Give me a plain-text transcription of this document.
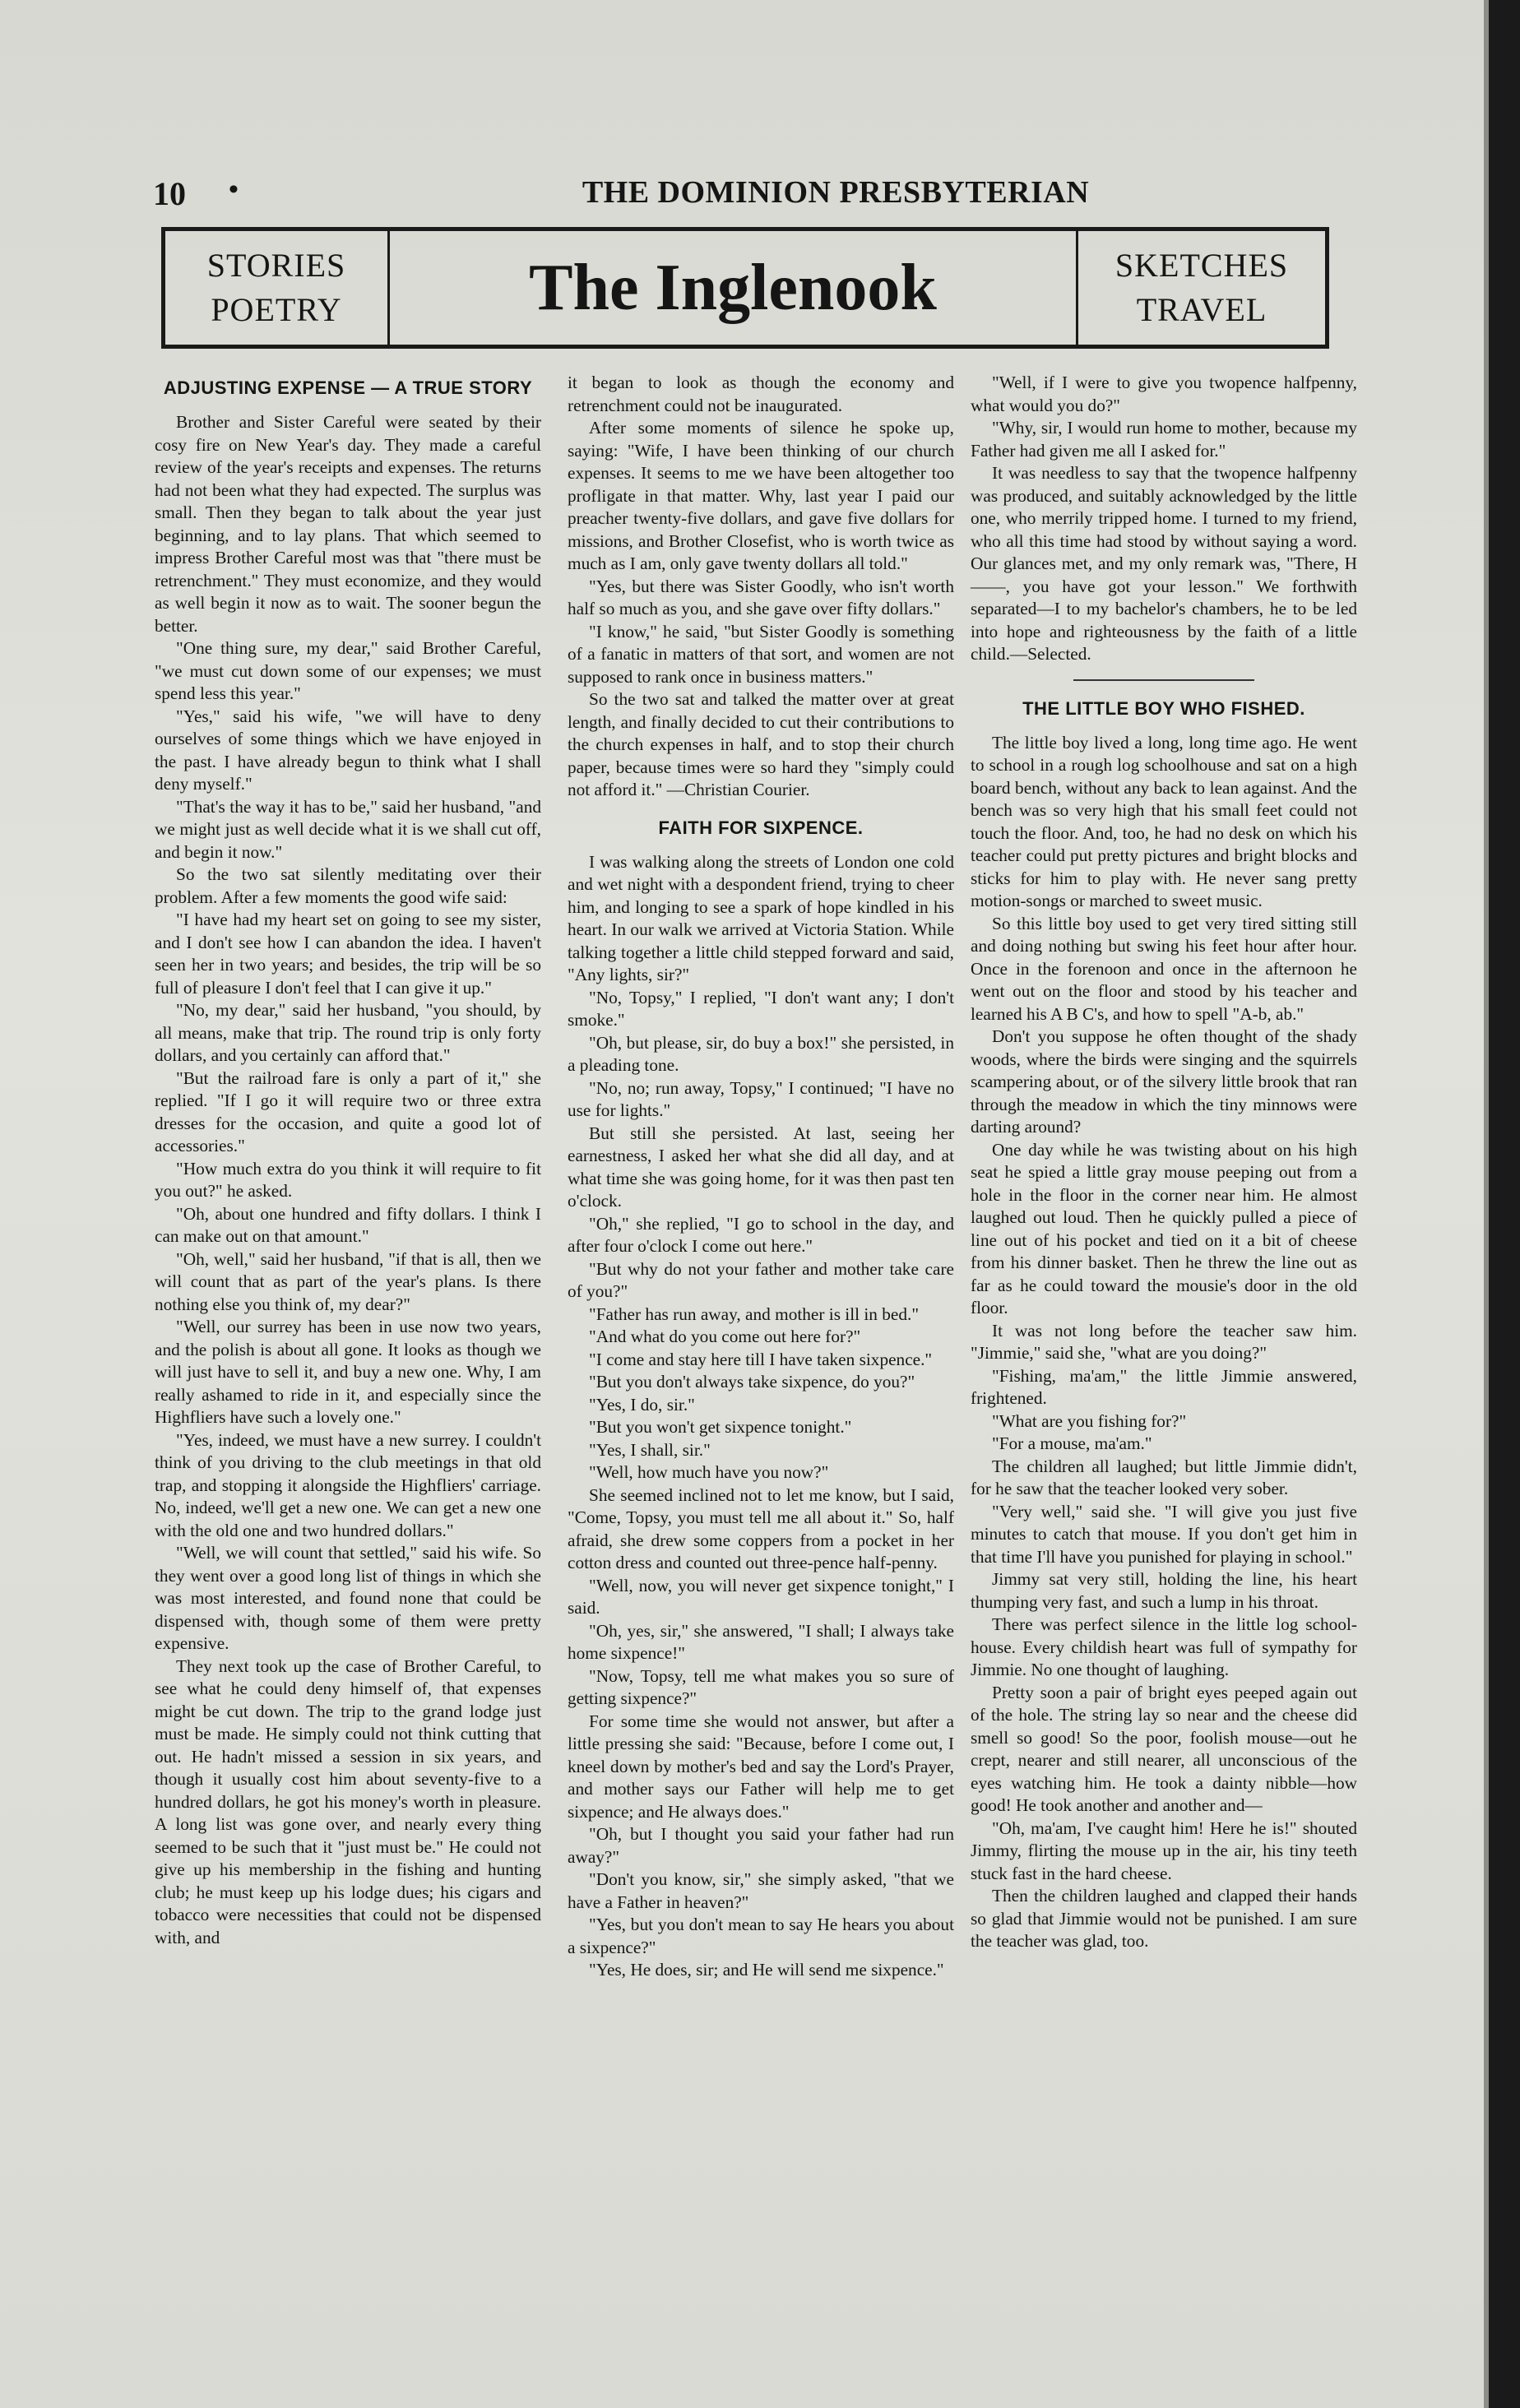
10 •	THE DOMINION PRESBYTERIAN
STORIES
POETRY	The Inglenook	SKETCHES
TRAVEL
ADJUSTING EXPENSE — A TRUE STORY

Brother and Sister Careful were seated by their cosy fire on New Year's day. They made a careful review of the year's receipts and expenses. The returns had not been what they had expected. The surplus was small. Then they began to talk about the year just beginning, and to lay plans. That which seemed to impress Brother Careful most was that "there must be retrenchment." They must economize, and they would as well begin it now as to wait. The sooner begun the better.

"One thing sure, my dear," said Brother Careful, "we must cut down some of our expenses; we must spend less this year."

"Yes," said his wife, "we will have to deny ourselves of some things which we have enjoyed in the past. I have already begun to think what I shall deny myself."

"That's the way it has to be," said her husband, "and we might just as well decide what it is we shall cut off, and begin it now."

So the two sat silently meditating over their problem. After a few moments the good wife said:

"I have had my heart set on going to see my sister, and I don't see how I can abandon the idea. I haven't seen her in two years; and besides, the trip will be so full of pleasure I don't feel that I can give it up."

"No, my dear," said her husband, "you should, by all means, make that trip. The round trip is only forty dollars, and you certainly can afford that."

"But the railroad fare is only a part of it," she replied. "If I go it will require two or three extra dresses for the occasion, and quite a good lot of accessories."

"How much extra do you think it will require to fit you out?" he asked.

"Oh, about one hundred and fifty dollars. I think I can make out on that amount."

"Oh, well," said her husband, "if that is all, then we will count that as part of the year's plans. Is there nothing else you think of, my dear?"

"Well, our surrey has been in use now two years, and the polish is about all gone. It looks as though we will just have to sell it, and buy a new one. Why, I am really ashamed to ride in it, and especially since the Highfliers have such a lovely one."

"Yes, indeed, we must have a new surrey. I couldn't think of you driving to the club meetings in that old trap, and stopping it alongside the Highfliers' carriage. No, indeed, we'll get a new one. We can get a new one with the old one and two hundred dollars."

"Well, we will count that settled," said his wife. So they went over a good long list of things in which she was most interested, and found none that could be dispensed with, though some of them were pretty expensive.

They next took up the case of Brother Careful, to see what he could deny himself of, that expenses might be cut down. The trip to the grand lodge just must be made. He simply could not think cutting that out. He hadn't missed a session in six years, and though it usually cost him about seventy-five to a hundred dollars, he got his money's worth in pleasure. A long list was gone over, and nearly every thing seemed to be such that it "just must be." He could not give up his membership in the fishing and hunting club; he must keep up his lodge dues; his cigars and tobacco were necessities that could not be dispensed with, and

it began to look as though the economy and retrenchment could not be inaugurated.

After some moments of silence he spoke up, saying: "Wife, I have been thinking of our church expenses. It seems to me we have been altogether too profligate in that matter. Why, last year I paid our preacher twenty-five dollars, and gave five dollars for missions, and Brother Closefist, who is worth twice as much as I am, only gave twenty dollars all told."

"Yes, but there was Sister Goodly, who isn't worth half so much as you, and she gave over fifty dollars."

"I know," he said, "but Sister Goodly is something of a fanatic in matters of that sort, and women are not supposed to rank once in business matters."

So the two sat and talked the matter over at great length, and finally decided to cut their contributions to the church expenses in half, and to stop their church paper, because times were so hard they "simply could not afford it." —Christian Courier.

FAITH FOR SIXPENCE.

I was walking along the streets of London one cold and wet night with a despondent friend, trying to cheer him, and longing to see a spark of hope kindled in his heart. In our walk we arrived at Victoria Station. While talking together a little child stepped forward and said, "Any lights, sir?"

"No, Topsy," I replied, "I don't want any; I don't smoke."

"Oh, but please, sir, do buy a box!" she persisted, in a pleading tone.

"No, no; run away, Topsy," I continued; "I have no use for lights."

But still she persisted. At last, seeing her earnestness, I asked her what she did all day, and at what time she was going home, for it was then past ten o'clock.

"Oh," she replied, "I go to school in the day, and after four o'clock I come out here."

"But why do not your father and mother take care of you?"

"Father has run away, and mother is ill in bed."

"And what do you come out here for?"

"I come and stay here till I have taken sixpence."

"But you don't always take sixpence, do you?"

"Yes, I do, sir."

"But you won't get sixpence tonight."

"Yes, I shall, sir."

"Well, how much have you now?"

She seemed inclined not to let me know, but I said, "Come, Topsy, you must tell me all about it." So, half afraid, she drew some coppers from a pocket in her cotton dress and counted out three-pence half-penny.

"Well, now, you will never get sixpence tonight," I said.

"Oh, yes, sir," she answered, "I shall; I always take home sixpence!"

"Now, Topsy, tell me what makes you so sure of getting sixpence?"

For some time she would not answer, but after a little pressing she said: "Because, before I come out, I kneel down by mother's bed and say the Lord's Prayer, and mother says our Father will help me to get sixpence; and He always does."

"Oh, but I thought you said your father had run away?"

"Don't you know, sir," she simply asked, "that we have a Father in heaven?"

"Yes, but you don't mean to say He hears you about a sixpence?"

"Yes, He does, sir; and He will send me sixpence."

"Well, if I were to give you twopence halfpenny, what would you do?"

"Why, sir, I would run home to mother, because my Father had given me all I asked for."

It was needless to say that the twopence halfpenny was produced, and suitably acknowledged by the little one, who merrily tripped home. I turned to my friend, who all this time had stood by without saying a word. Our glances met, and my only remark was, "There, H——, you have got your lesson." We forthwith separated—I to my bachelor's chambers, he to be led into hope and righteousness by the faith of a little child.—Selected.

THE LITTLE BOY WHO FISHED.

The little boy lived a long, long time ago. He went to school in a rough log schoolhouse and sat on a high board bench, without any back to lean against. And the bench was so very high that his small feet could not touch the floor. And, too, he had no desk on which his teacher could put pretty pictures and bright blocks and sticks for him to play with. He never sang pretty motion-songs or marched to sweet music.

So this little boy used to get very tired sitting still and doing nothing but swing his feet hour after hour. Once in the forenoon and once in the afternoon he went out on the floor and stood by his teacher and learned his A B C's, and how to spell "A-b, ab."

Don't you suppose he often thought of the shady woods, where the birds were singing and the squirrels scampering about, or of the silvery little brook that ran through the meadow in which the tiny minnows were darting around?

One day while he was twisting about on his high seat he spied a little gray mouse peeping out from a hole in the floor in the corner near him. He almost laughed out loud. Then he quickly pulled a piece of line out of his pocket and tied on it a bit of cheese from his dinner basket. Then he threw the line out as far as he could toward the mousie's door in the old floor.

It was not long before the teacher saw him. "Jimmie," said she, "what are you doing?"

"Fishing, ma'am," the little Jimmie answered, frightened.

"What are you fishing for?"

"For a mouse, ma'am."

The children all laughed; but little Jimmie didn't, for he saw that the teacher looked very sober.

"Very well," said she. "I will give you just five minutes to catch that mouse. If you don't get him in that time I'll have you punished for playing in school."

Jimmy sat very still, holding the line, his heart thumping very fast, and such a lump in his throat.

There was perfect silence in the little log school-house. Every childish heart was full of sympathy for Jimmie. No one thought of laughing.

Pretty soon a pair of bright eyes peeped again out of the hole. The string lay so near and the cheese did smell so good! So the poor, foolish mouse—out he crept, nearer and still nearer, all unconscious of the eyes watching him. He took a dainty nibble—how good! He took another and another and—

"Oh, ma'am, I've caught him! Here he is!" shouted Jimmy, flirting the mouse up in the air, his tiny teeth stuck fast in the hard cheese.

Then the children laughed and clapped their hands so glad that Jimmie would not be punished. I am sure the teacher was glad, too.
